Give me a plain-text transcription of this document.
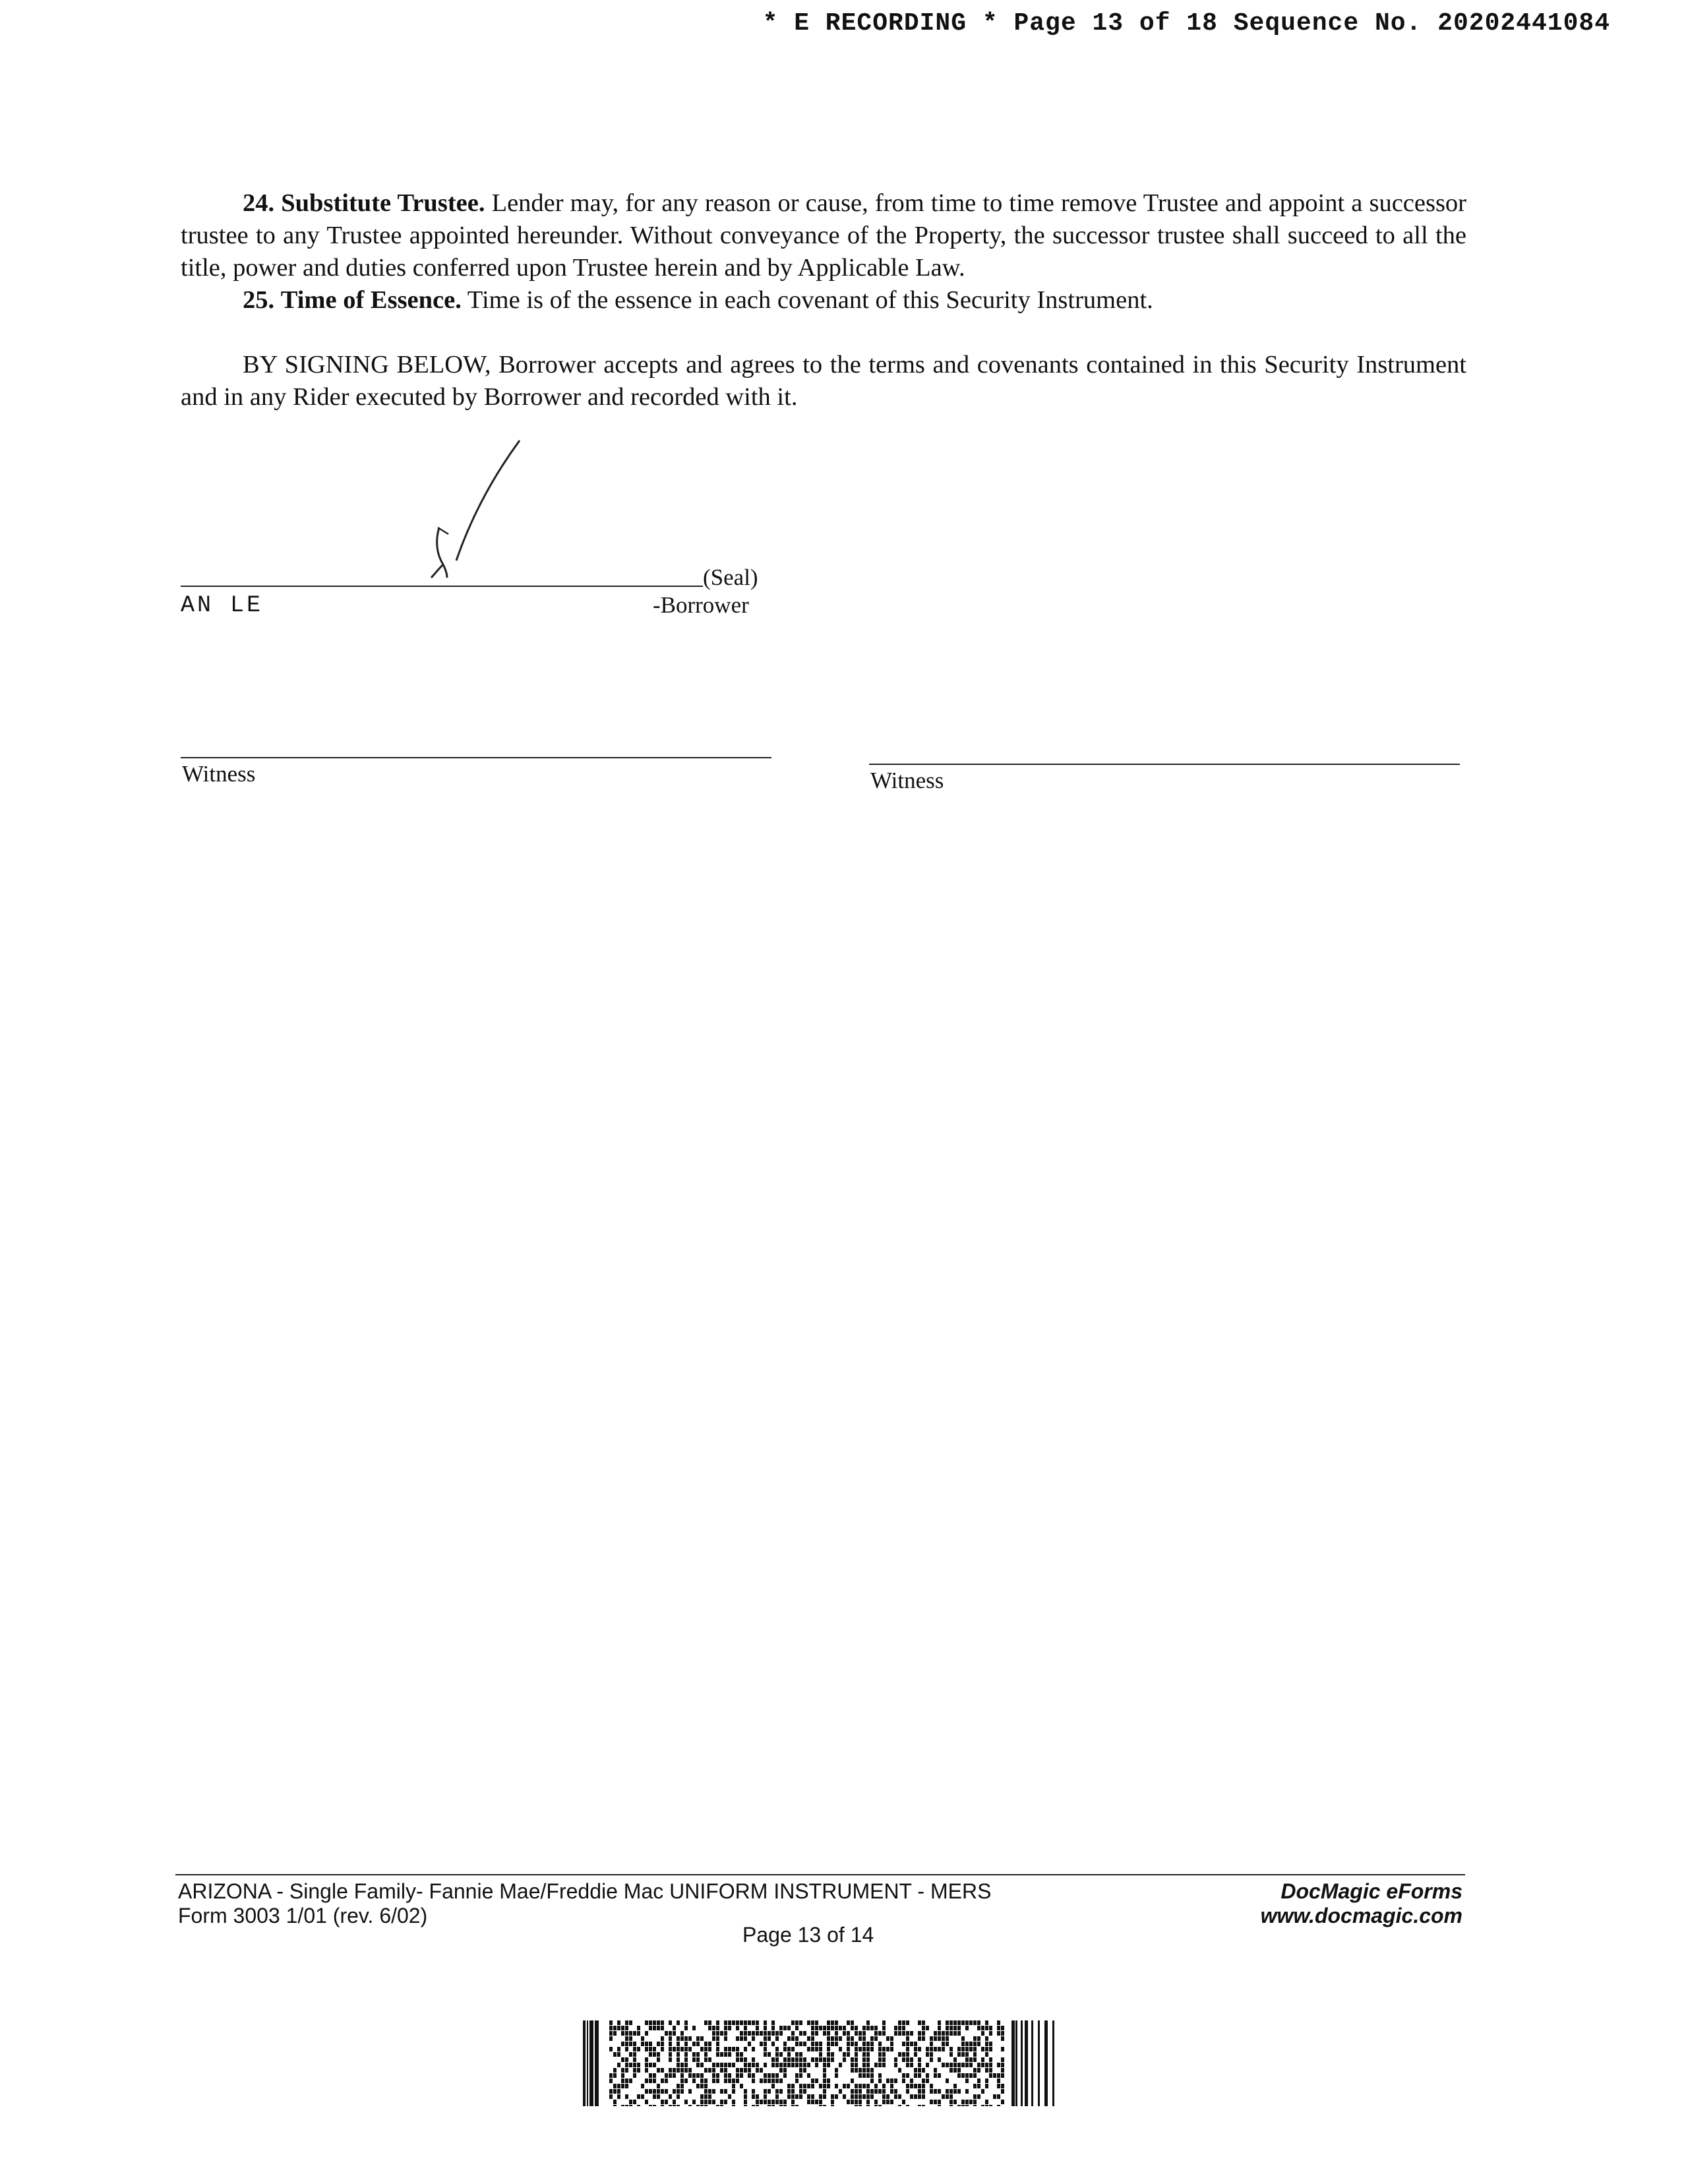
* E RECORDING * Page 13 of 18 Sequence No. 20202441084

24. Substitute Trustee. Lender may, for any reason or cause, from time to time remove Trustee and appoint a successor trustee to any Trustee appointed hereunder. Without conveyance of the Property, the successor trustee shall succeed to all the title, power and duties conferred upon Trustee herein and by Applicable Law.

25. Time of Essence. Time is of the essence in each covenant of this Security Instrument.

BY SIGNING BELOW, Borrower accepts and agrees to the terms and covenants contained in this Security Instrument and in any Rider executed by Borrower and recorded with it.

(Seal)
AN LE	-Borrower
Witness	Witness
ARIZONA - Single Family- Fannie Mae/Freddie Mac UNIFORM INSTRUMENT - MERS
Form 3003 1/01 (rev. 6/02)
DocMagic eForms
www.docmagic.com
Page 13 of 14
